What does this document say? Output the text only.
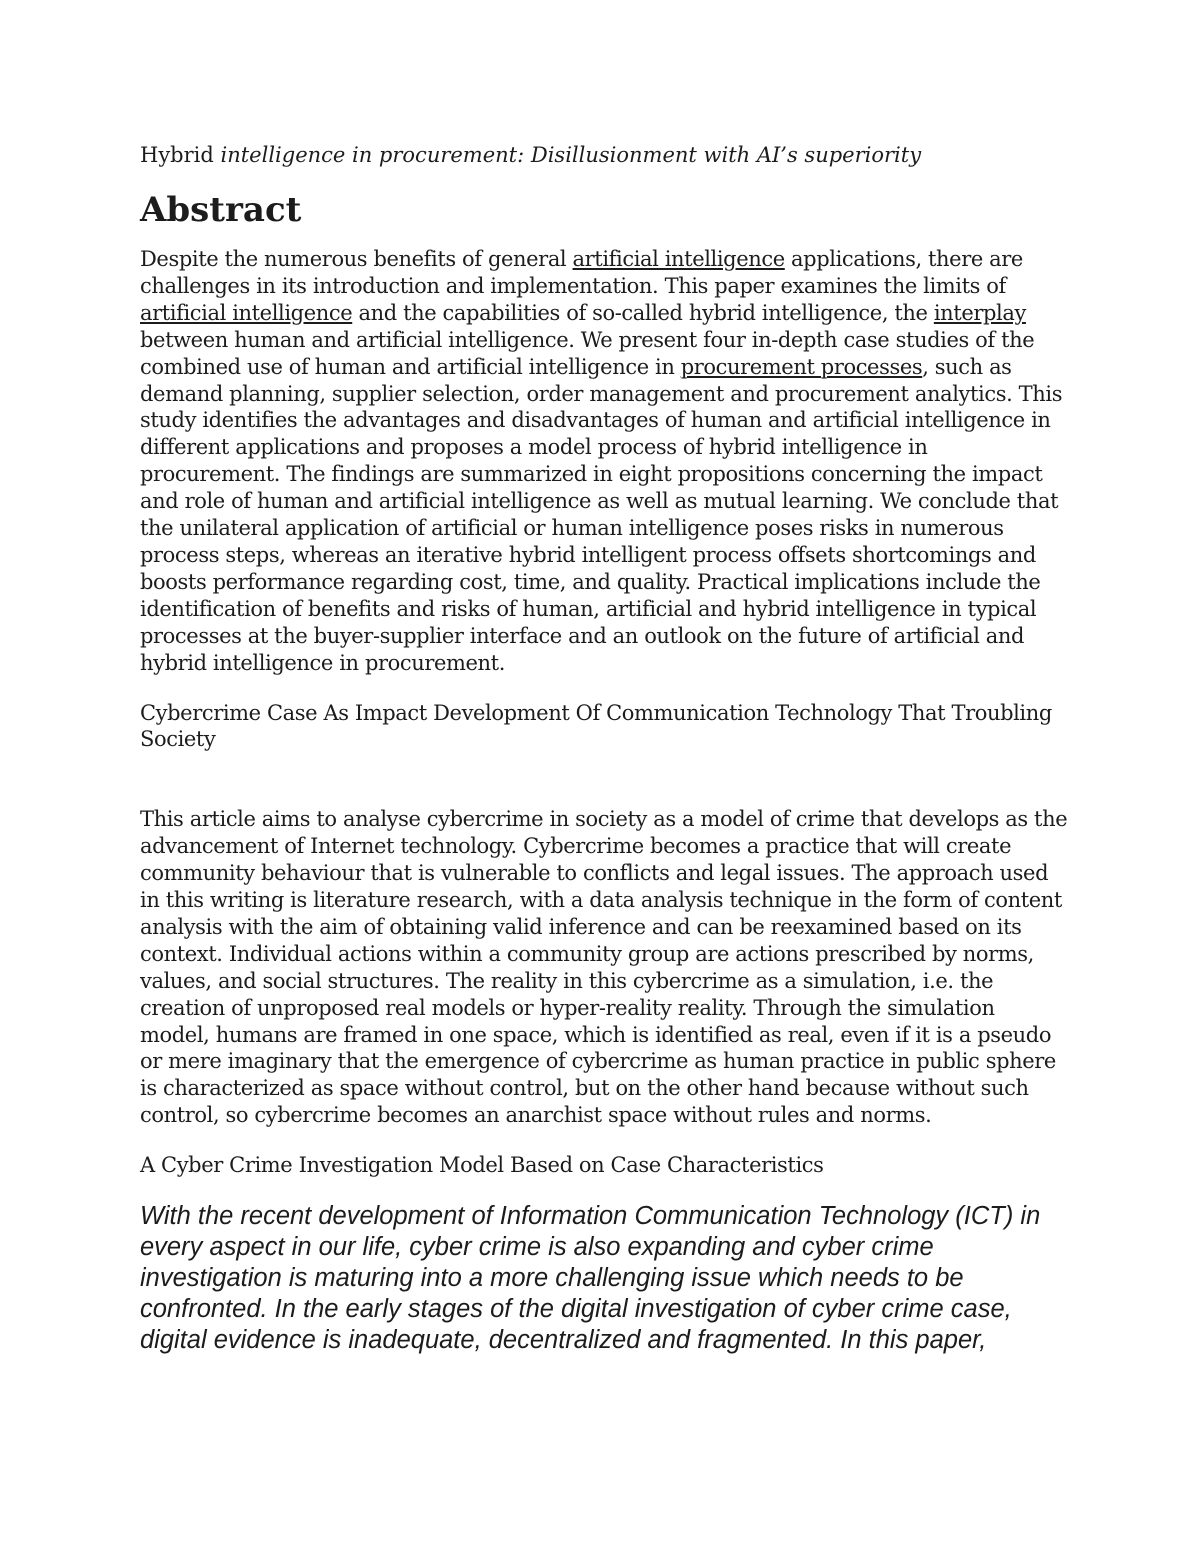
Hybrid intelligence in procurement: Disillusionment with AI’s superiority

Abstract

Despite the numerous benefits of general artificial intelligence applications, there are challenges in its introduction and implementation. This paper examines the limits of artificial intelligence and the capabilities of so-called hybrid intelligence, the interplay between human and artificial intelligence. We present four in-depth case studies of the combined use of human and artificial intelligence in procurement processes, such as demand planning, supplier selection, order management and procurement analytics. This study identifies the advantages and disadvantages of human and artificial intelligence in different applications and proposes a model process of hybrid intelligence in procurement. The findings are summarized in eight propositions concerning the impact and role of human and artificial intelligence as well as mutual learning. We conclude that the unilateral application of artificial or human intelligence poses risks in numerous process steps, whereas an iterative hybrid intelligent process offsets shortcomings and boosts performance regarding cost, time, and quality. Practical implications include the identification of benefits and risks of human, artificial and hybrid intelligence in typical processes at the buyer-supplier interface and an outlook on the future of artificial and hybrid intelligence in procurement.

Cybercrime Case As Impact Development Of Communication Technology That Troubling Society

This article aims to analyse cybercrime in society as a model of crime that develops as the advancement of Internet technology. Cybercrime becomes a practice that will create community behaviour that is vulnerable to conflicts and legal issues. The approach used in this writing is literature research, with a data analysis technique in the form of content analysis with the aim of obtaining valid inference and can be reexamined based on its context. Individual actions within a community group are actions prescribed by norms, values, and social structures. The reality in this cybercrime as a simulation, i.e. the creation of unproposed real models or hyper-reality reality. Through the simulation model, humans are framed in one space, which is identified as real, even if it is a pseudo or mere imaginary that the emergence of cybercrime as human practice in public sphere is characterized as space without control, but on the other hand because without such control, so cybercrime becomes an anarchist space without rules and norms.

A Cyber Crime Investigation Model Based on Case Characteristics

With the recent development of Information Communication Technology (ICT) in every aspect in our life, cyber crime is also expanding and cyber crime investigation is maturing into a more challenging issue which needs to be confronted. In the early stages of the digital investigation of cyber crime case, digital evidence is inadequate, decentralized and fragmented. In this paper,
